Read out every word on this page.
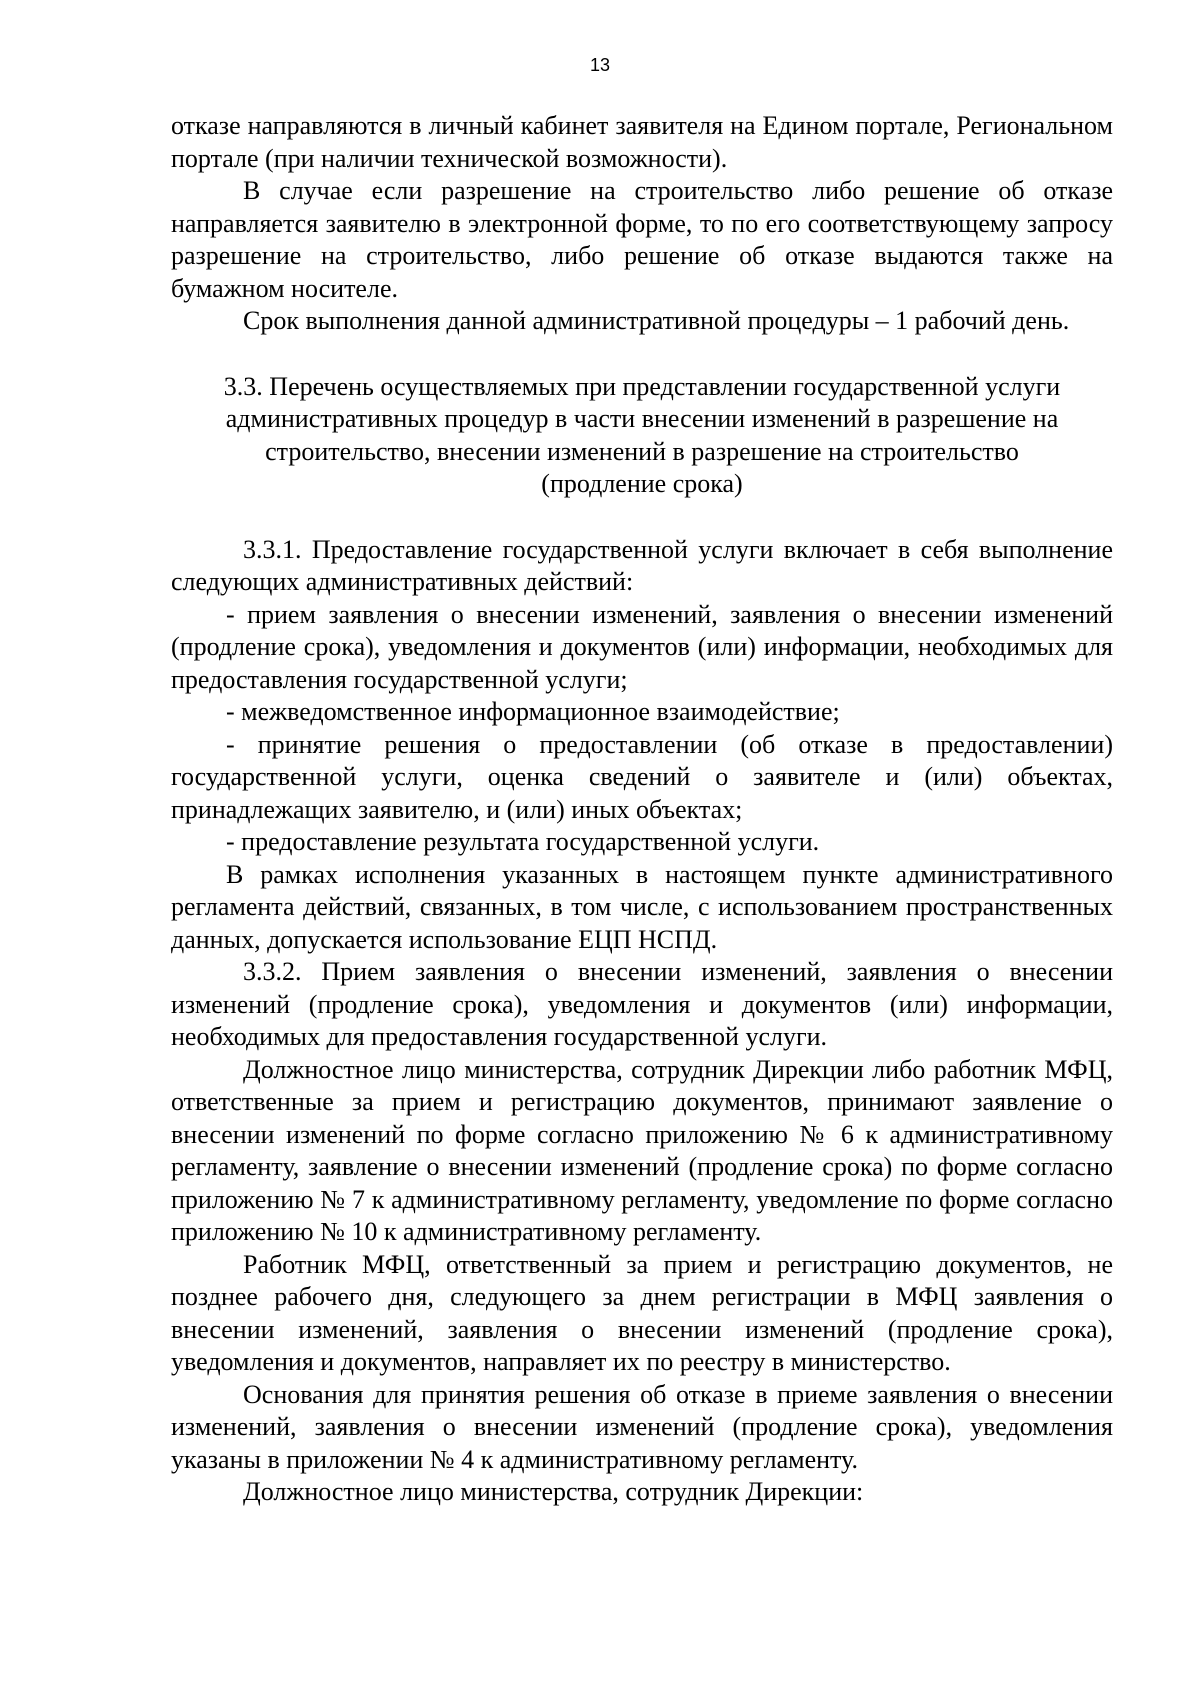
13

отказе направляются в личный кабинет заявителя на Едином портале, Региональном портале (при наличии технической возможности).

В случае если разрешение на строительство либо решение об отказе направляется заявителю в электронной форме, то по его соответствующему запросу разрешение на строительство, либо решение об отказе выдаются также на бумажном носителе.

Срок выполнения данной административной процедуры – 1 рабочий день.

3.3. Перечень осуществляемых при представлении государственной услуги административных процедур в части внесении изменений в разрешение на строительство, внесении изменений в разрешение на строительство (продление срока)

3.3.1. Предоставление государственной услуги включает в себя выполнение следующих административных действий:

- прием заявления о внесении изменений, заявления о внесении изменений (продление срока), уведомления и документов (или) информации, необходимых для предоставления государственной услуги;

- межведомственное информационное взаимодействие;

- принятие решения о предоставлении (об отказе в предоставлении) государственной услуги, оценка сведений о заявителе и (или) объектах, принадлежащих заявителю, и (или) иных объектах;

- предоставление результата государственной услуги.

В рамках исполнения указанных в настоящем пункте административного регламента действий, связанных, в том числе, с использованием пространственных данных, допускается использование ЕЦП НСПД.

3.3.2. Прием заявления о внесении изменений, заявления о внесении изменений (продление срока), уведомления и документов (или) информации, необходимых для предоставления государственной услуги.

Должностное лицо министерства, сотрудник Дирекции либо работник МФЦ, ответственные за прием и регистрацию документов, принимают заявление о внесении изменений по форме согласно приложению № 6 к административному регламенту, заявление о внесении изменений (продление срока) по форме согласно приложению № 7 к административному регламенту, уведомление по форме согласно приложению № 10 к административному регламенту.

Работник МФЦ, ответственный за прием и регистрацию документов, не позднее рабочего дня, следующего за днем регистрации в МФЦ заявления о внесении изменений, заявления о внесении изменений (продление срока), уведомления и документов, направляет их по реестру в министерство.

Основания для принятия решения об отказе в приеме заявления о внесении изменений, заявления о внесении изменений (продление срока), уведомления указаны в приложении № 4 к административному регламенту.

Должностное лицо министерства, сотрудник Дирекции:
